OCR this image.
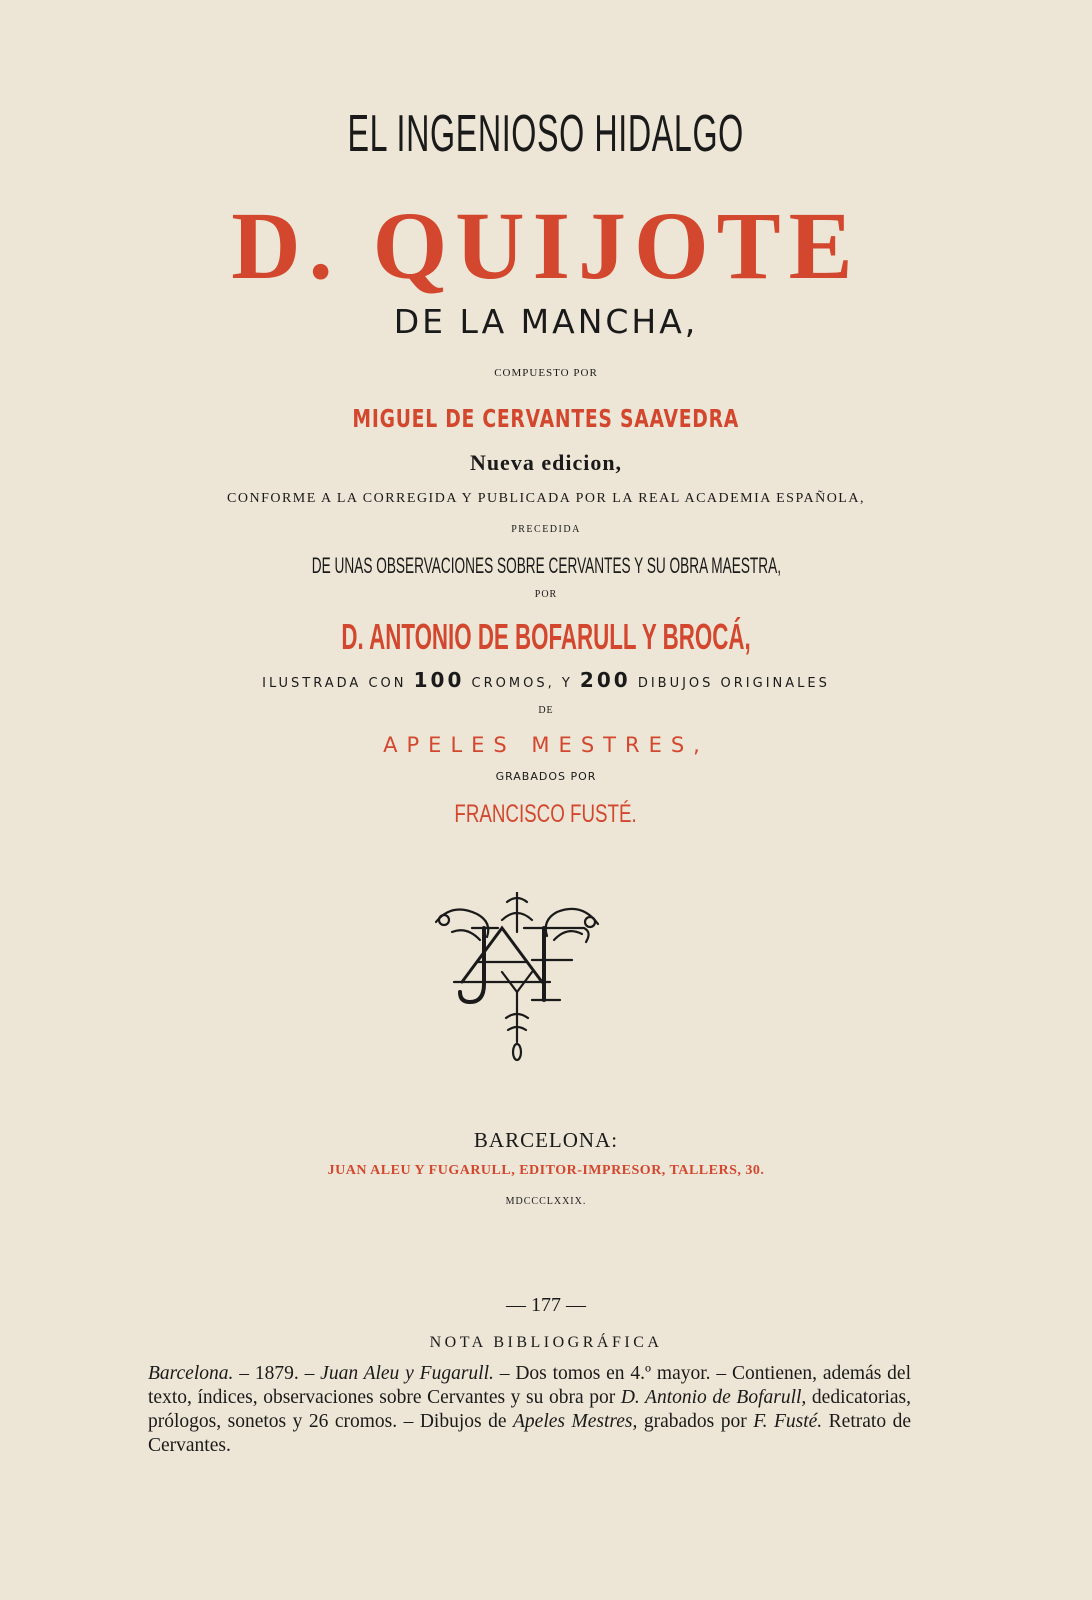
EL INGENIOSO HIDALGO

D. QUIJOTE

DE LA MANCHA,

COMPUESTO POR

MIGUEL DE CERVANTES SAAVEDRA

Nueva edicion,

CONFORME A LA CORREGIDA Y PUBLICADA POR LA REAL ACADEMIA ESPAÑOLA,

PRECEDIDA

DE UNAS OBSERVACIONES SOBRE CERVANTES Y SU OBRA MAESTRA,

POR

D. ANTONIO DE BOFARULL Y BROCÁ,

ILUSTRADA CON 100 CROMOS, Y 200 DIBUJOS ORIGINALES

DE

APELES MESTRES,

GRABADOS POR

FRANCISCO FUSTÉ.

BARCELONA:

JUAN ALEU Y FUGARULL, EDITOR-IMPRESOR, TALLERS, 30.

MDCCCLXXIX.

— 177 —

NOTA BIBLIOGRÁFICA

Barcelona. – 1879. – Juan Aleu y Fugarull. – Dos tomos en 4.º mayor. – Contienen, además del texto, índices, observaciones sobre Cervantes y su obra por D. Antonio de Bofarull, dedicatorias, prólogos, sonetos y 26 cromos. – Dibujos de Apeles Mestres, grabados por F. Fusté. Retrato de Cervantes.
